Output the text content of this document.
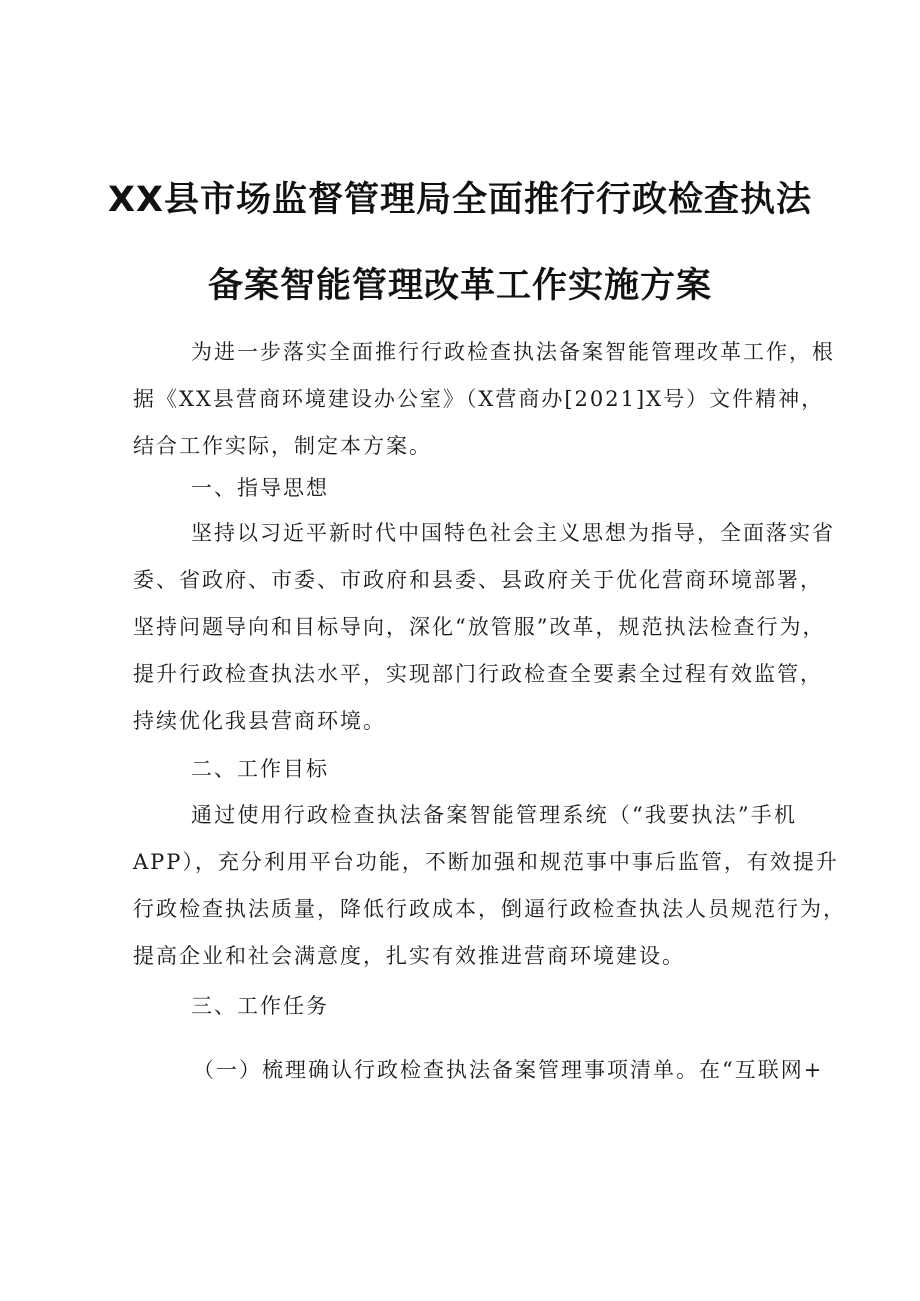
XX县市场监督管理局全面推行行政检查执法
备案智能管理改革工作实施方案
为进一步落实全面推行行政检查执法备案智能管理改革工作，根
据《XX县营商环境建设办公室》（X营商办[2021]X号）文件精神，
结合工作实际，制定本方案。
一、指导思想
坚持以习近平新时代中国特色社会主义思想为指导，全面落实省
委、省政府、市委、市政府和县委、县政府关于优化营商环境部署，
坚持问题导向和目标导向，深化“放管服”改革，规范执法检查行为，
提升行政检查执法水平，实现部门行政检查全要素全过程有效监管，
持续优化我县营商环境。
二、工作目标
通过使用行政检查执法备案智能管理系统（“我要执法”手机
APP），充分利用平台功能，不断加强和规范事中事后监管，有效提升
行政检查执法质量，降低行政成本，倒逼行政检查执法人员规范行为，
提高企业和社会满意度，扎实有效推进营商环境建设。
三、工作任务
（一）梳理确认行政检查执法备案管理事项清单。在“互联网+
